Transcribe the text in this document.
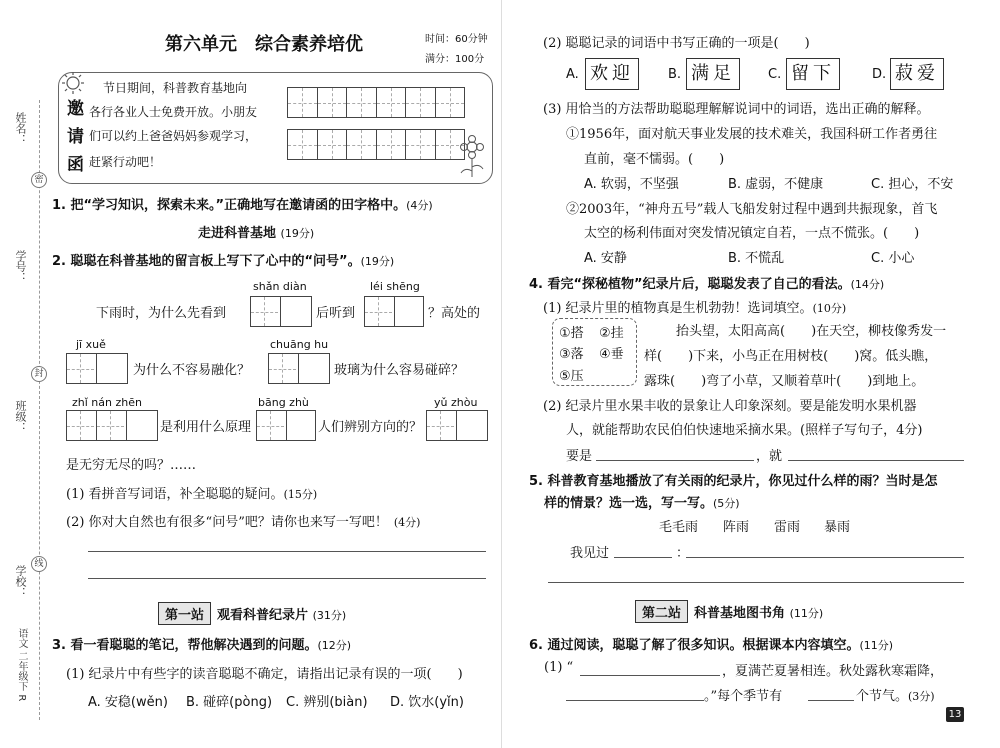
姓名：
学号：
班级：
学校：
密
封
线
语文 二年级下 R
第六单元　综合素养培优	时间：60分钟
满分：100分
邀请函
节日期间，科普教育基地向
各行各业人士免费开放。小朋友
们可以约上爸爸妈妈参观学习，
赶紧行动吧！
1. 把“学习知识，探索未来。”正确地写在邀请函的田字格中。(4分)
走进科普基地 (19分)
2. 聪聪在科普基地的留言板上写下了心中的“问号”。(19分)
shǎn diàn	léi shēng
下雨时，为什么先看到	后听到	？高处的
jī xuě	chuāng hu
为什么不容易融化？	玻璃为什么容易碰碎？
zhǐ nán zhēn	bāng zhù	yǔ zhòu
是利用什么原理	人们辨别方向的？
是无穷无尽的吗？……
(1) 看拼音写词语，补全聪聪的疑问。(15分)
(2) 你对大自然也有很多“问号”吧？请你也来写一写吧！ (4分)
第一站 观看科普纪录片 (31分)
3. 看一看聪聪的笔记，帮他解决遇到的问题。(12分)
(1) 纪录片中有些字的读音聪聪不确定，请指出记录有误的一项(　　)
A. 安稳(wěn) B. 碰碎(pòng) C. 辨别(biàn) D. 饮水(yǐn)
(2) 聪聪记录的词语中书写正确的一项是(　　)
A. 欢迎	B. 满足	C. 留下	D. 菽爱
(3) 用恰当的方法帮助聪聪理解解说词中的词语，选出正确的解释。
①1956年，面对航天事业发展的技术难关，我国科研工作者勇往
直前，毫不懦弱。(　　)
A. 软弱，不坚强	B. 虚弱，不健康	C. 担心，不安
②2003年，“神舟五号”载人飞船发射过程中遇到共振现象，首飞
太空的杨利伟面对突发情况镇定自若，一点不慌张。(　　)
A. 安静	B. 不慌乱	C. 小心
4. 看完“探秘植物”纪录片后，聪聪发表了自己的看法。(14分)
(1) 纪录片里的植物真是生机勃勃！选词填空。(10分)
①搭 ②挂
③落 ④垂
⑤压
抬头望，太阳高高(　　)在天空，柳枝像秀发一
样(　　)下来，小鸟正在用树枝(　　)窝。低头瞧，
露珠(　　)弯了小草，又顺着草叶(　　)到地上。
(2) 纪录片里水果丰收的景象让人印象深刻。要是能发明水果机器
人，就能帮助农民伯伯快速地采摘水果。(照样子写句子，4分)
要是	，就
5. 科普教育基地播放了有关雨的纪录片，你见过什么样的雨？当时是怎
样的情景？选一选，写一写。(5分)
毛毛雨 阵雨 雷雨 暴雨
我见过	：
第二站 科普基地图书角 (11分)
6. 通过阅读，聪聪了解了很多知识。根据课本内容填空。(11分)
(1) “	，夏满芒夏暑相连。秋处露秋寒霜降，
。”每个季节有	个节气。(3分)
13
